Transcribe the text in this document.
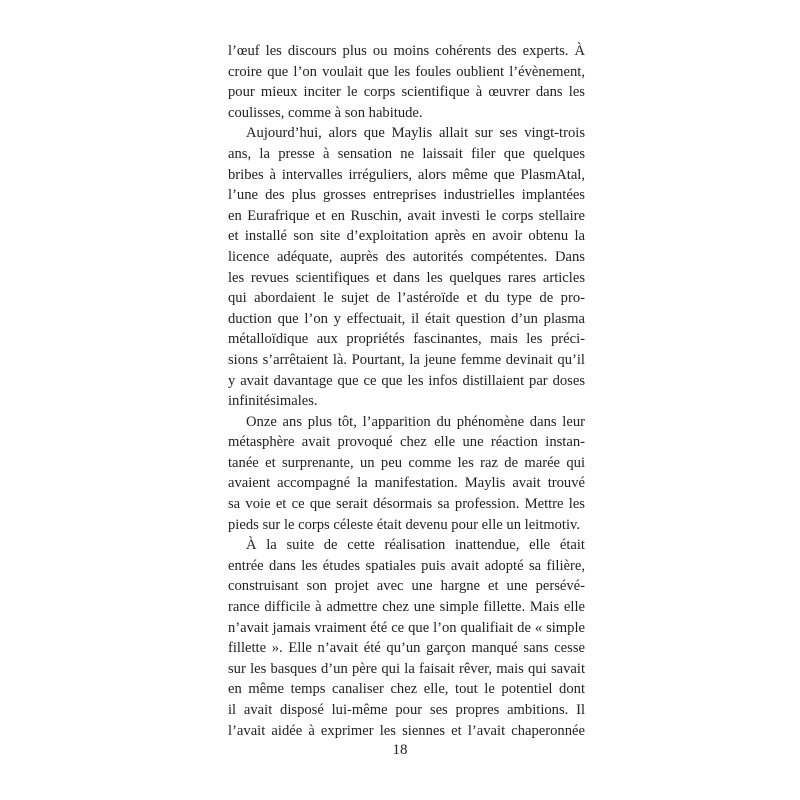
l’œuf les discours plus ou moins cohérents des experts. À
croire que l’on voulait que les foules oublient l’évènement,
pour mieux inciter le corps scientifique à œuvrer dans les
coulisses, comme à son habitude.

Aujourd’hui, alors que Maylis allait sur ses vingt-trois
ans, la presse à sensation ne laissait filer que quelques
bribes à intervalles irréguliers, alors même que PlasmAtal,
l’une des plus grosses entreprises industrielles implantées
en Eurafrique et en Ruschin, avait investi le corps stellaire
et installé son site d’exploitation après en avoir obtenu la
licence adéquate, auprès des autorités compétentes. Dans
les revues scientifiques et dans les quelques rares articles
qui abordaient le sujet de l’astéroïde et du type de pro-
duction que l’on y effectuait, il était question d’un plasma
métalloïdique aux propriétés fascinantes, mais les préci-
sions s’arrêtaient là. Pourtant, la jeune femme devinait qu’il
y avait davantage que ce que les infos distillaient par doses
infinitésimales.

Onze ans plus tôt, l’apparition du phénomène dans leur
métasphère avait provoqué chez elle une réaction instan-
tanée et surprenante, un peu comme les raz de marée qui
avaient accompagné la manifestation. Maylis avait trouvé
sa voie et ce que serait désormais sa profession. Mettre les
pieds sur le corps céleste était devenu pour elle un leitmotiv.

À la suite de cette réalisation inattendue, elle était
entrée dans les études spatiales puis avait adopté sa filière,
construisant son projet avec une hargne et une persévé-
rance difficile à admettre chez une simple fillette. Mais elle
n’avait jamais vraiment été ce que l’on qualifiait de « simple
fillette ». Elle n’avait été qu’un garçon manqué sans cesse
sur les basques d’un père qui la faisait rêver, mais qui savait
en même temps canaliser chez elle, tout le potentiel dont
il avait disposé lui-même pour ses propres ambitions. Il
l’avait aidée à exprimer les siennes et l’avait chaperonnée

18
